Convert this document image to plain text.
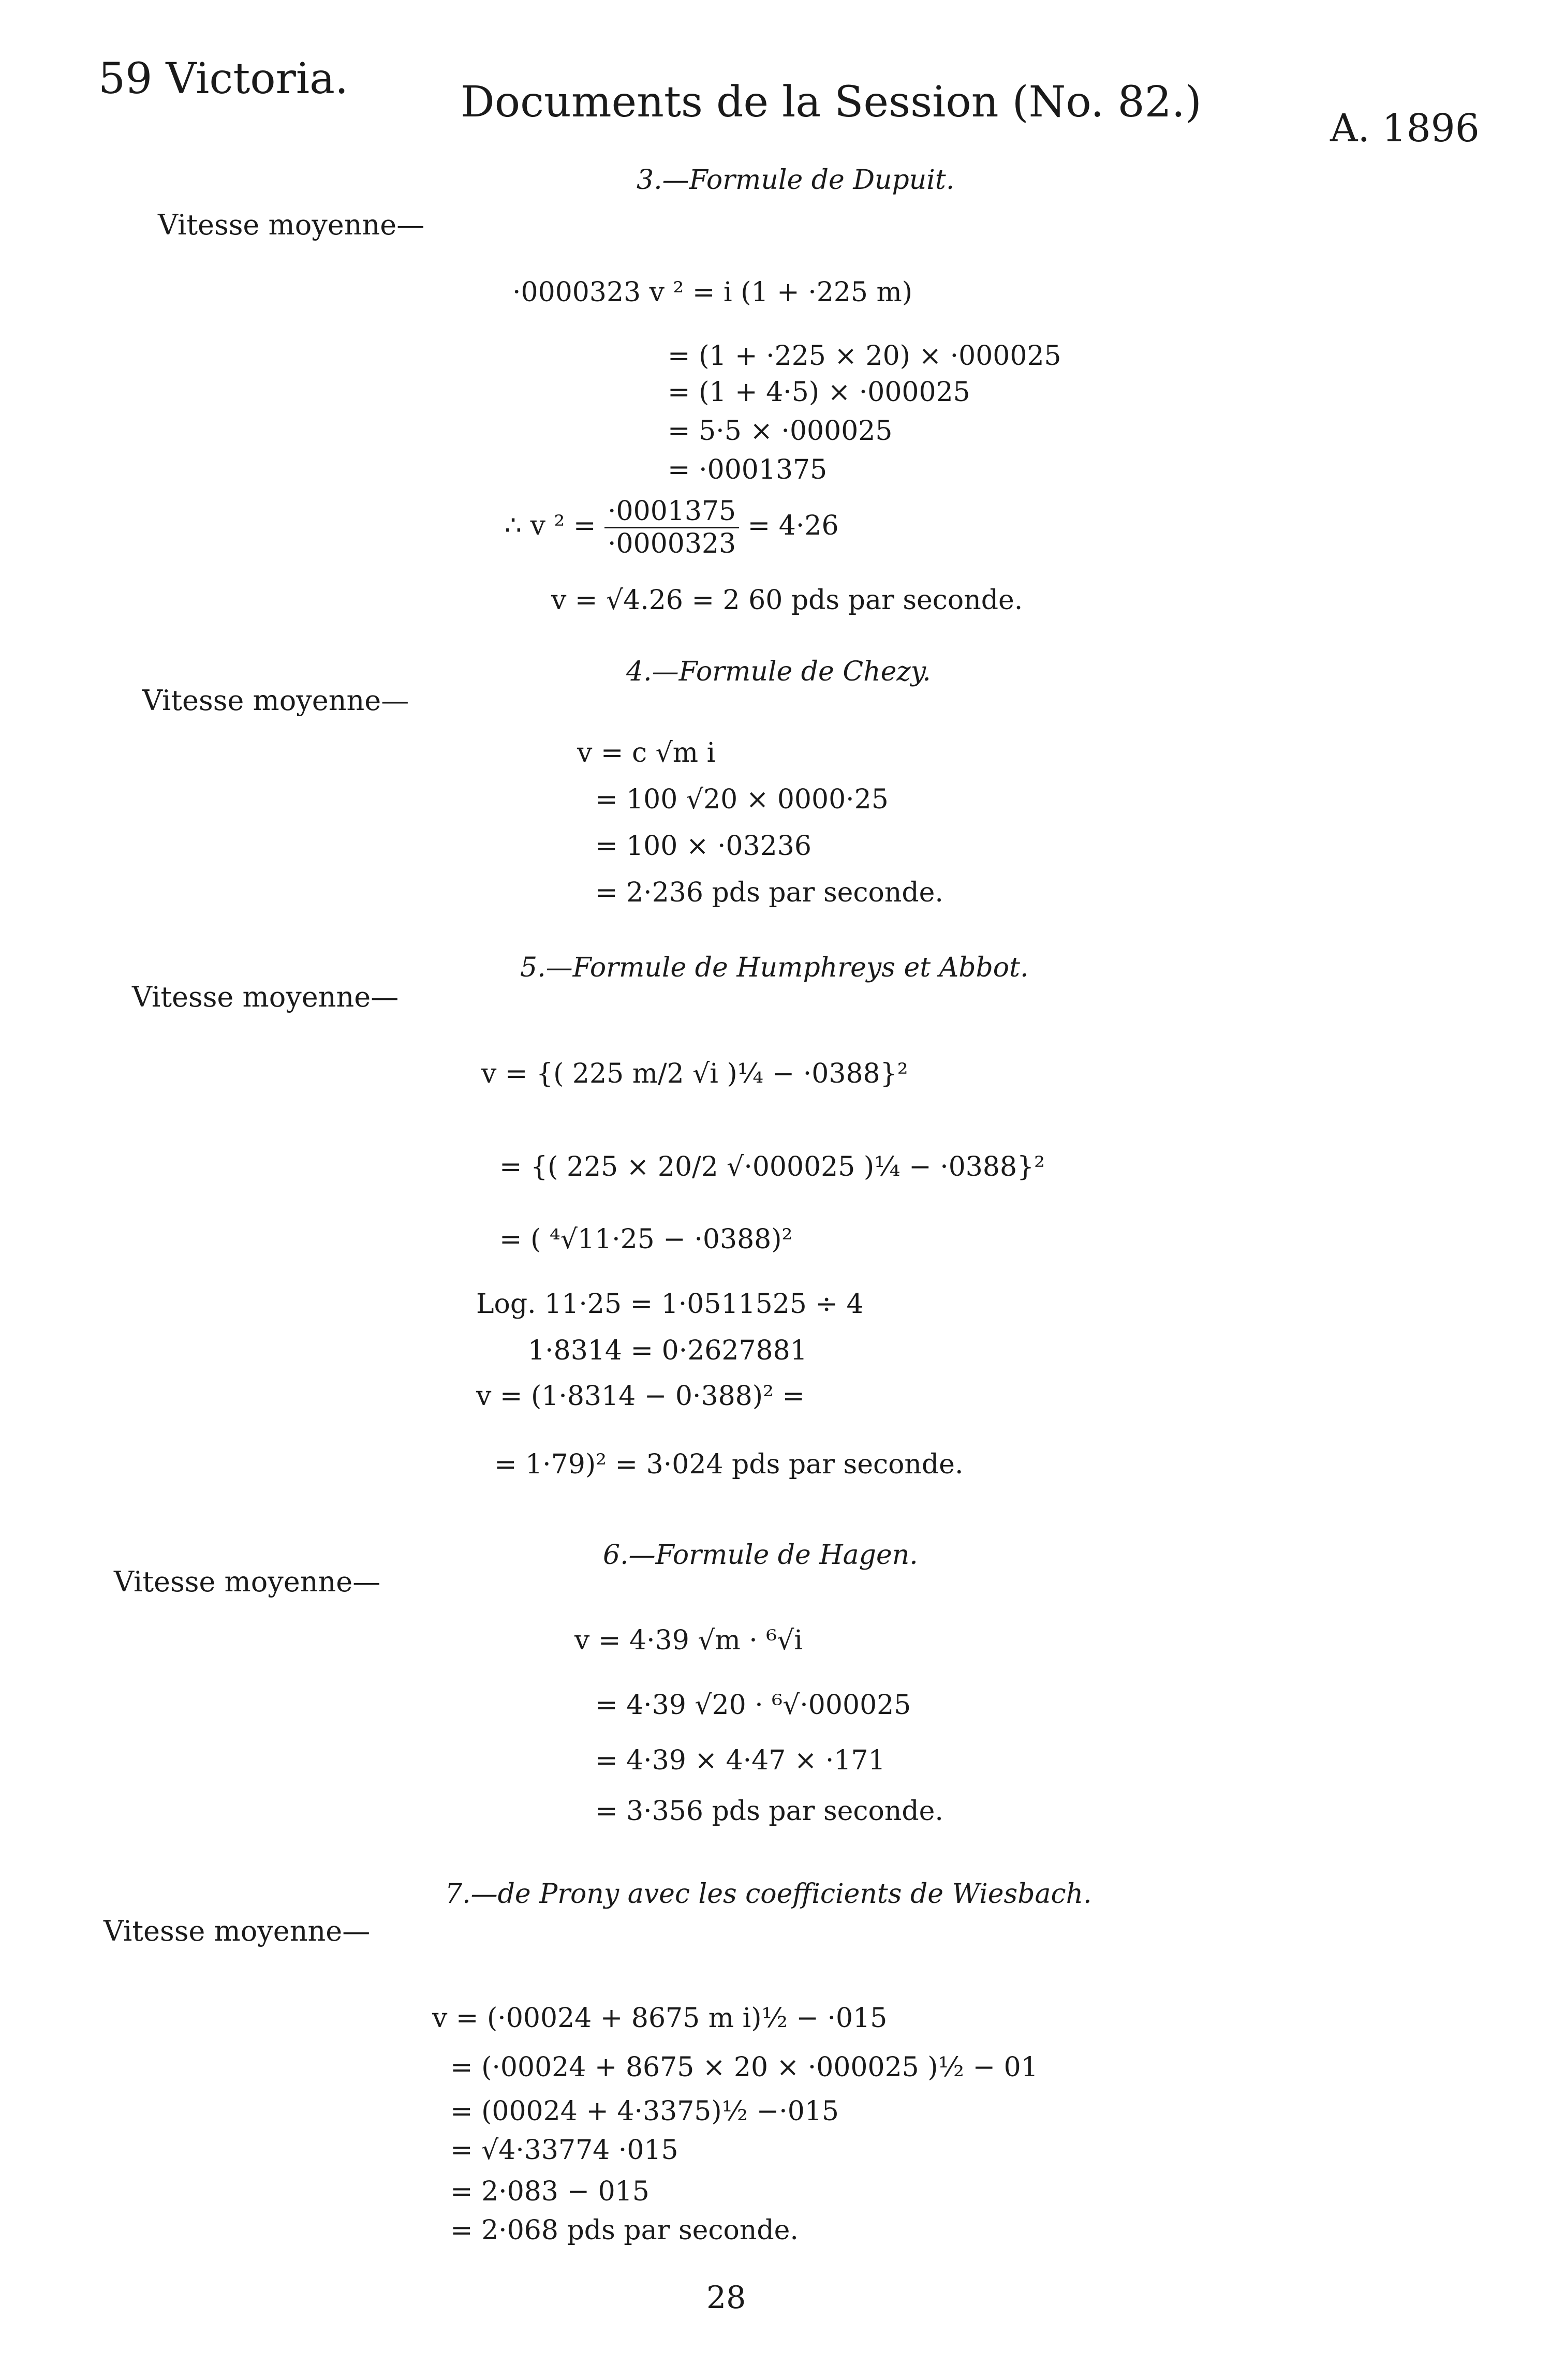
59 Victoria.	Documents de la Session (No. 82.)
A. 1896
3.—Formule de Dupuit.
Vitesse moyenne—
·0000323 v ² = i (1 + ·225 m)
= (1 + ·225 × 20) × ·000025
= (1 + 4·5) × ·000025
= 5·5 × ·000025
= ·0001375
∴ v $^2 = \frac{\cdot 0001375}{\cdot 0000323} = 4\cdot 26$
v = √4.26 = 2 60 pds par seconde.
4.—Formule de Chezy.
Vitesse moyenne—
v = c √m i
= 100 √20 × 0000·25
= 100 × ·03236
= 2·236 pds par seconde.
5.—Formule de Humphreys et Abbot.
Vitesse moyenne—
v = {( 225 m/2 √i )¼ − ·0388}²
= {( 225 × 20/2 √·000025 )¼ − ·0388}²
= ( ⁴√11·25 − ·0388)²
Log. 11·25 = 1·0511525 ÷ 4
1·8314 = 0·2627881
v = (1·8314 − 0·388)² =
= 1·79)² = 3·024 pds par seconde.
6.—Formule de Hagen.
Vitesse moyenne—
v = 4·39 √m · ⁶√i
= 4·39 √20 · ⁶√·000025
= 4·39 × 4·47 × ·171
= 3·356 pds par seconde.
7.—de Prony avec les coefficients de Wiesbach.
Vitesse moyenne—
v = (·00024 + 8675 m i)½ − ·015
= (·00024 + 8675 × 20 × ·000025 )½ − 01
= (00024 + 4·3375)½ −·015
= √4·33774 ·015
= 2·083 − 015
= 2·068 pds par seconde.
28
